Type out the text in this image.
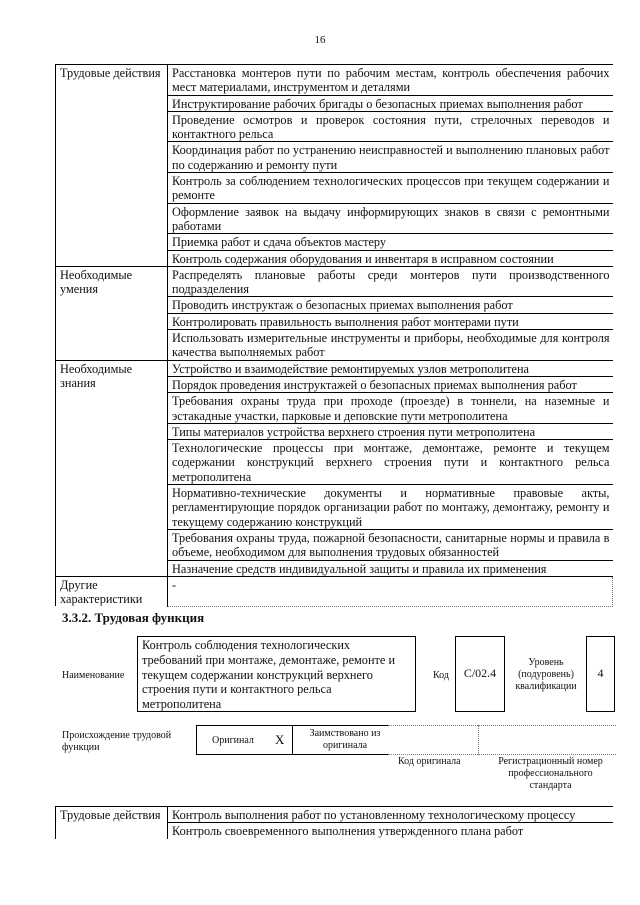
16
Трудовые действия	Расстановка монтеров пути по рабочим местам, контроль обеспечения рабочих мест материалами, инструментом и деталями
	Инструктирование рабочих бригады о безопасных приемах выполнения работ
	Проведение осмотров и проверок состояния пути, стрелочных переводов и контактного рельса
	Координация работ по устранению неисправностей и выполнению плановых работ по содержанию и ремонту пути
	Контроль за соблюдением технологических процессов при текущем содержании и ремонте
	Оформление заявок на выдачу информирующих знаков в связи с ремонтными работами
	Приемка работ и сдача объектов мастеру
	Контроль содержания оборудования и инвентаря в исправном состоянии
Необходимые умения	Распределять плановые работы среди монтеров пути производственного подразделения
	Проводить инструктаж о безопасных приемах выполнения работ
	Контролировать правильность выполнения работ монтерами пути
	Использовать измерительные инструменты и приборы, необходимые для контроля качества выполняемых работ
Необходимые знания	Устройство и взаимодействие ремонтируемых узлов метрополитена
	Порядок проведения инструктажей о безопасных приемах выполнения работ
	Требования охраны труда при проходе (проезде) в тоннели, на наземные и эстакадные участки, парковые и деповские пути метрополитена
	Типы материалов устройства верхнего строения пути метрополитена
	Технологические процессы при монтаже, демонтаже, ремонте и текущем содержании конструкций верхнего строения пути и контактного рельса метрополитена
	Нормативно-технические документы и нормативные правовые акты, регламентирующие порядок организации работ по монтажу, демонтажу, ремонту и текущему содержанию конструкций
	Требования охраны труда, пожарной безопасности, санитарные нормы и правила в объеме, необходимом для выполнения трудовых обязанностей
	Назначение средств индивидуальной защиты и правила их применения
Другие характеристики	-
3.3.2. Трудовая функция
Наименование
Контроль соблюдения технологических требований при монтаже, демонтаже, ремонте и текущем содержании конструкций верхнего строения пути и контактного рельса метрополитена
Код	C/02.4
Уровень (подуровень) квалификации
4
Происхождение трудовой функции
Оригинал X	Заимствовано из оригинала
Код оригинала	Регистрационный номер профессионального стандарта
Трудовые действия	Контроль выполнения работ по установленному технологическому процессу
Контроль своевременного выполнения утвержденного плана работ
